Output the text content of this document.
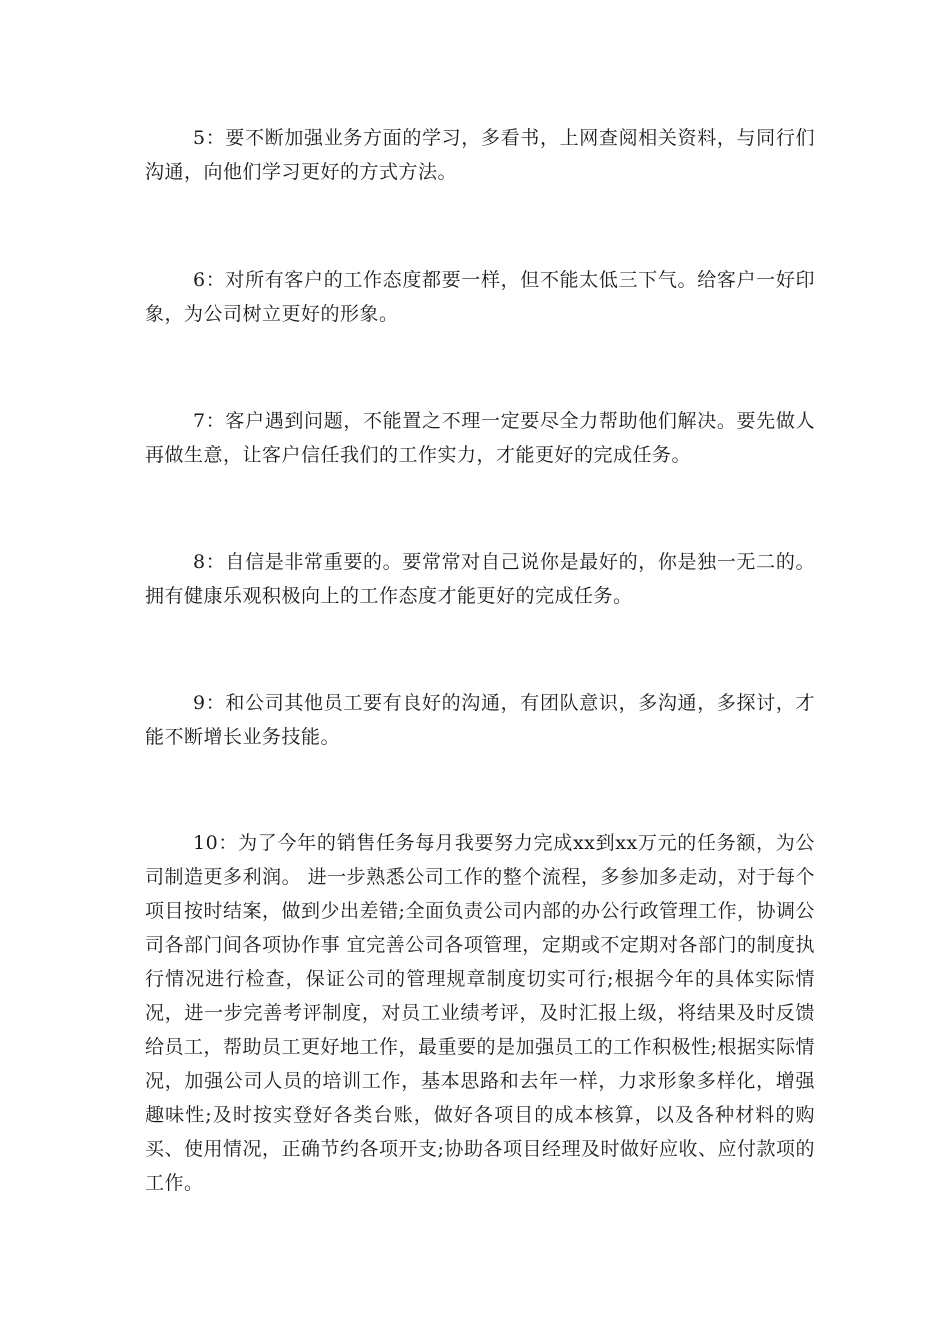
5：要不断加强业务方面的学习，多看书，上网查阅相关资料，与同行们沟通，向他们学习更好的方式方法。

6：对所有客户的工作态度都要一样，但不能太低三下气。给客户一好印象，为公司树立更好的形象。

7：客户遇到问题，不能置之不理一定要尽全力帮助他们解决。要先做人再做生意，让客户信任我们的工作实力，才能更好的完成任务。

8：自信是非常重要的。要常常对自己说你是最好的，你是独一无二的。拥有健康乐观积极向上的工作态度才能更好的完成任务。

9：和公司其他员工要有良好的沟通，有团队意识，多沟通，多探讨，才能不断增长业务技能。

10：为了今年的销售任务每月我要努力完成xx到xx万元的任务额，为公司制造更多利润。 进一步熟悉公司工作的整个流程，多参加多走动，对于每个项目按时结案，做到少出差错;全面负责公司内部的办公行政管理工作，协调公司各部门间各项协作事 宜完善公司各项管理，定期或不定期对各部门的制度执行情况进行检查，保证公司的管理规章制度切实可行;根据今年的具体实际情况，进一步完善考评制度，对员工业绩考评，及时汇报上级，将结果及时反馈给员工，帮助员工更好地工作，最重要的是加强员工的工作积极性;根据实际情况，加强公司人员的培训工作，基本思路和去年一样，力求形象多样化，增强趣味性;及时按实登好各类台账，做好各项目的成本核算，以及各种材料的购买、使用情况，正确节约各项开支;协助各项目经理及时做好应收、应付款项的工作。
